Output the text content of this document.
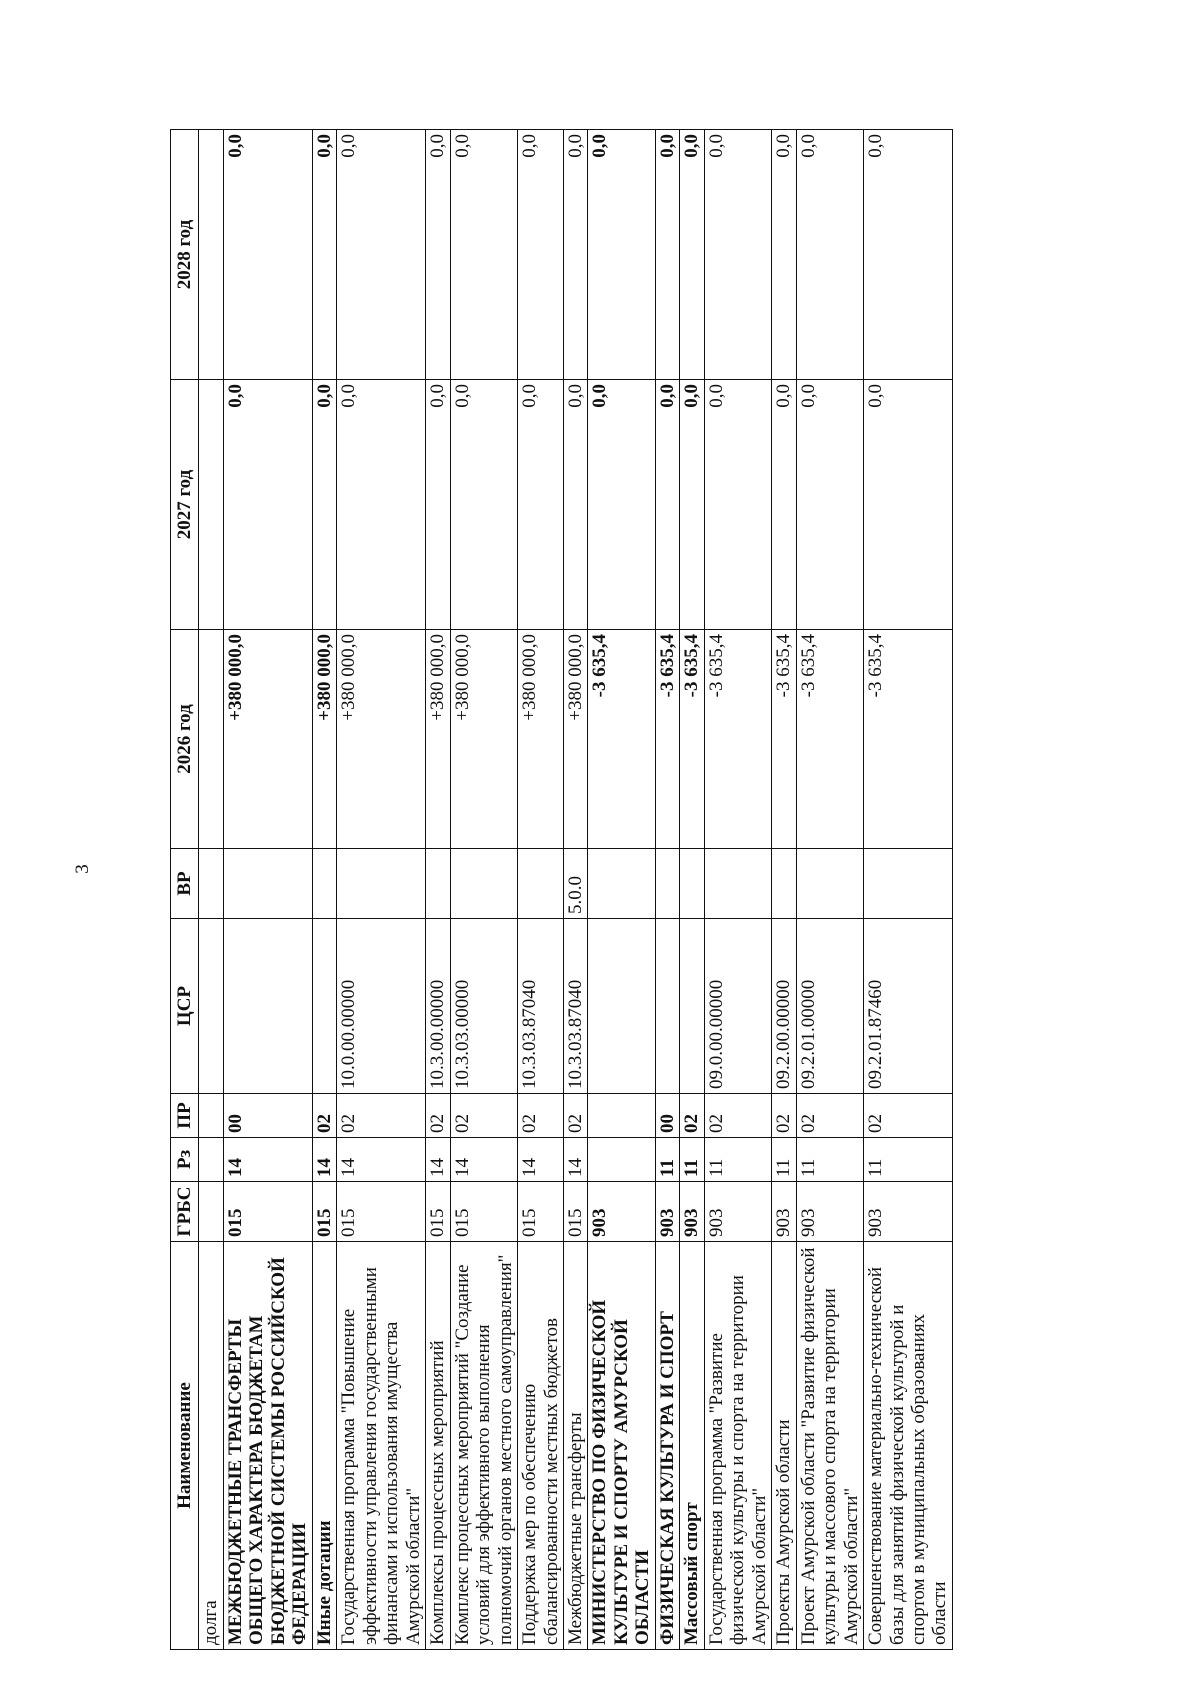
3
Наименование	ГРБС	Рз	ПР	ЦСР	ВР	2026 год	2027 год	2028 год
долга								
МЕЖБЮДЖЕТНЫЕ ТРАНСФЕРТЫ ОБЩЕГО ХАРАКТЕРА БЮДЖЕТАМ БЮДЖЕТНОЙ СИСТЕМЫ РОССИЙСКОЙ ФЕДЕРАЦИИ	015	14	00			+380 000,0	0,0	0,0
Иные дотации	015	14	02			+380 000,0	0,0	0,0
Государственная программа "Повышение эффективности управления государственными финансами и использования имущества Амурской области"	015	14	02	10.0.00.00000		+380 000,0	0,0	0,0
Комплексы процессных мероприятий	015	14	02	10.3.00.00000		+380 000,0	0,0	0,0
Комплекс процессных мероприятий "Создание условий для эффективного выполнения полномочий органов местного самоуправления"	015	14	02	10.3.03.00000		+380 000,0	0,0	0,0
Поддержка мер по обеспечению сбалансированности местных бюджетов	015	14	02	10.3.03.87040		+380 000,0	0,0	0,0
Межбюджетные трансферты	015	14	02	10.3.03.87040	5.0.0	+380 000,0	0,0	0,0
МИНИСТЕРСТВО ПО ФИЗИЧЕСКОЙ КУЛЬТУРЕ И СПОРТУ АМУРСКОЙ ОБЛАСТИ	903					-3 635,4	0,0	0,0
ФИЗИЧЕСКАЯ КУЛЬТУРА И СПОРТ	903	11	00			-3 635,4	0,0	0,0
Массовый спорт	903	11	02			-3 635,4	0,0	0,0
Государственная программа "Развитие физической культуры и спорта на территории Амурской области"	903	11	02	09.0.00.00000		-3 635,4	0,0	0,0
Проекты Амурской области	903	11	02	09.2.00.00000		-3 635,4	0,0	0,0
Проект Амурской области "Развитие физической культуры и массового спорта на территории Амурской области"	903	11	02	09.2.01.00000		-3 635,4	0,0	0,0
Совершенствование материально-технической базы для занятий физической культурой и спортом в муниципальных образованиях области	903	11	02	09.2.01.87460		-3 635,4	0,0	0,0
